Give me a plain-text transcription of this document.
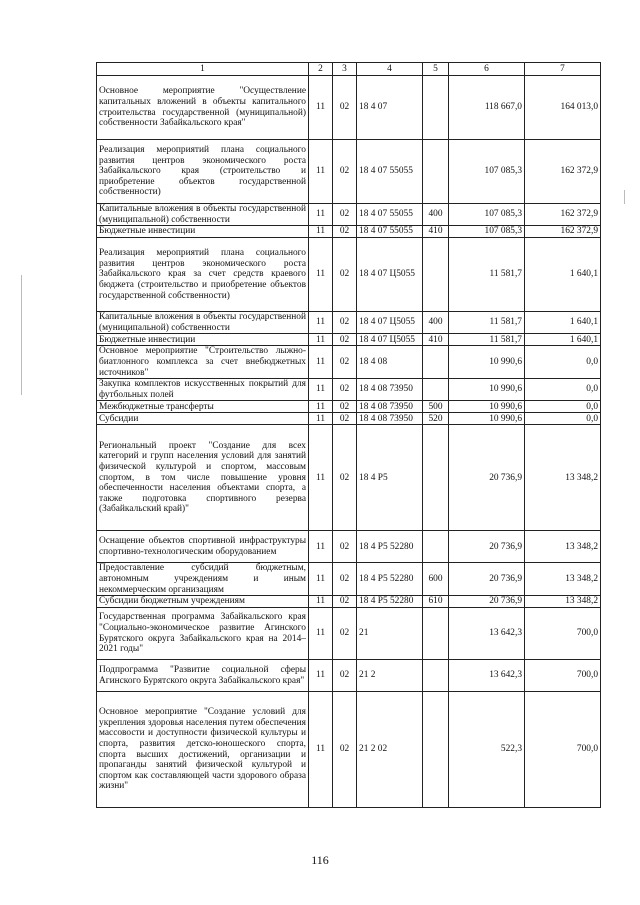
1	2	3	4	5	6	7
Основное мероприятие "Осуществление капитальных вложений в объекты капитального строительства государственной (муниципальной) собственности Забайкальского края"	11	02	18 4 07		118 667,0	164 013,0
Реализация мероприятий плана социального развития центров экономического роста Забайкальского края (строительство и приобретение объектов государственной собственности)	11	02	18 4 07 55055		107 085,3	162 372,9
Капитальные вложения в объекты государственной (муниципальной) собственности	11	02	18 4 07 55055	400	107 085,3	162 372,9
Бюджетные инвестиции	11	02	18 4 07 55055	410	107 085,3	162 372,9
Реализация мероприятий плана социального развития центров экономического роста Забайкальского края за счет средств краевого бюджета (строительство и приобретение объектов государственной собственности)	11	02	18 4 07 Ц5055		11 581,7	1 640,1
Капитальные вложения в объекты государственной (муниципальной) собственности	11	02	18 4 07 Ц5055	400	11 581,7	1 640,1
Бюджетные инвестиции	11	02	18 4 07 Ц5055	410	11 581,7	1 640,1
Основное мероприятие "Строительство лыжно-биатлонного комплекса за счет внебюджетных источников"	11	02	18 4 08		10 990,6	0,0
Закупка комплектов искусственных покрытий для футбольных полей	11	02	18 4 08 73950		10 990,6	0,0
Межбюджетные трансферты	11	02	18 4 08 73950	500	10 990,6	0,0
Субсидии	11	02	18 4 08 73950	520	10 990,6	0,0
Региональный проект "Создание для всех категорий и групп населения условий для занятий физической культурой и спортом, массовым спортом, в том числе повышение уровня обеспеченности населения объектами спорта, а также подготовка спортивного резерва (Забайкальский край)"	11	02	18 4 P5		20 736,9	13 348,2
Оснащение объектов спортивной инфраструктуры спортивно-технологическим оборудованием	11	02	18 4 P5 52280		20 736,9	13 348,2
Предоставление субсидий бюджетным, автономным учреждениям и иным некоммерческим организациям	11	02	18 4 P5 52280	600	20 736,9	13 348,2
Субсидии бюджетным учреждениям	11	02	18 4 P5 52280	610	20 736,9	13 348,2
Государственная программа Забайкальского края "Социально-экономическое развитие Агинского Бурятского округа Забайкальского края на 2014–2021 годы"	11	02	21		13 642,3	700,0
Подпрограмма "Развитие социальной сферы Агинского Бурятского округа Забайкальского края"	11	02	21 2		13 642,3	700,0
Основное мероприятие "Создание условий для укрепления здоровья населения путем обеспечения массовости и доступности физической культуры и спорта, развития детско-юношеского спорта, спорта высших достижений, организации и пропаганды занятий физической культурой и спортом как составляющей части здорового образа жизни"	11	02	21 2 02		522,3	700,0
116
